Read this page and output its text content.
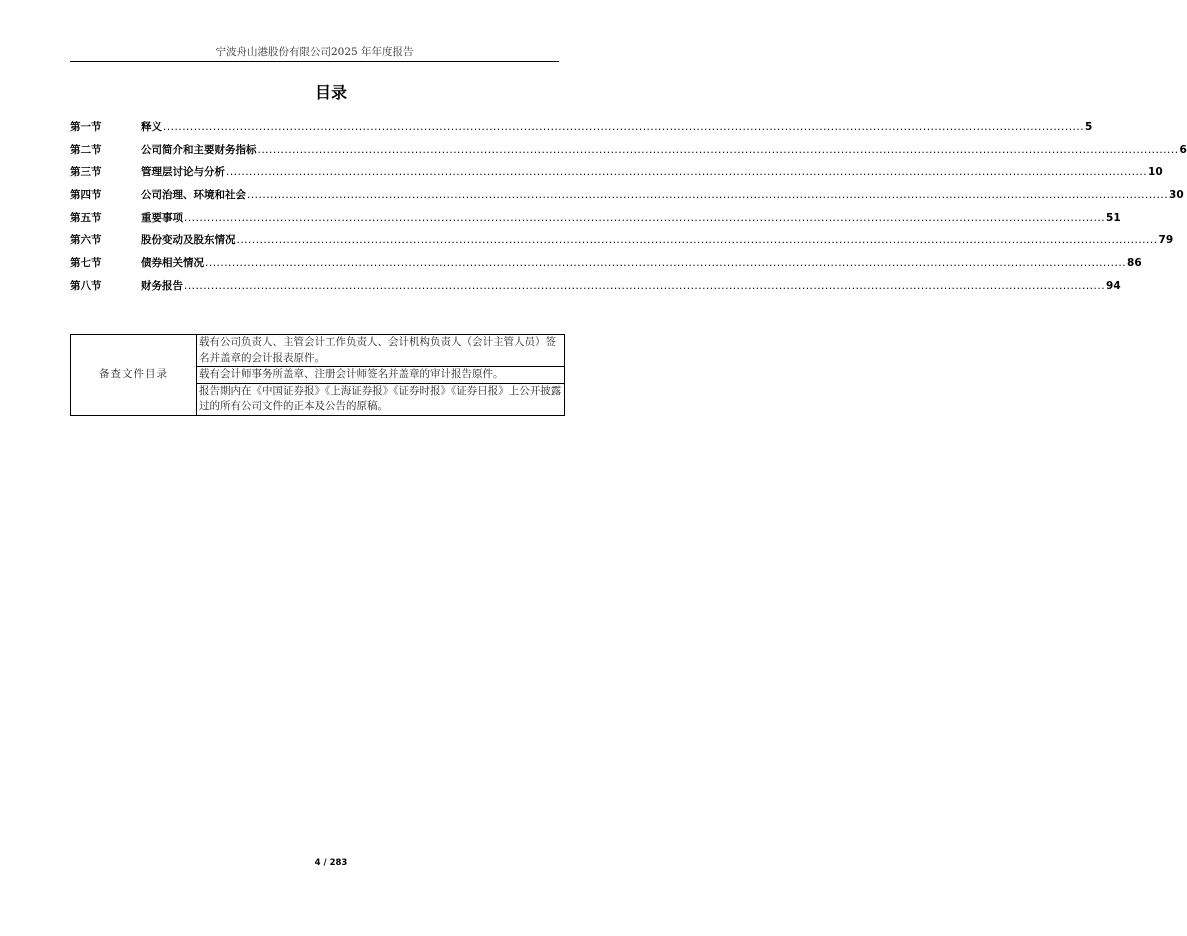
宁波舟山港股份有限公司2025 年年度报告
目录
第一节	释义 ................................................................................................................................................................................................................................................ 5
第二节	公司简介和主要财务指标 ................................................................................................................................................................................................................................................ 6
第三节	管理层讨论与分析 ................................................................................................................................................................................................................................................ 10
第四节	公司治理、环境和社会 ................................................................................................................................................................................................................................................ 30
第五节	重要事项 ................................................................................................................................................................................................................................................ 51
第六节	股份变动及股东情况 ................................................................................................................................................................................................................................................ 79
第七节	债券相关情况 ................................................................................................................................................................................................................................................ 86
第八节	财务报告 ................................................................................................................................................................................................................................................ 94
备查文件目录	载有公司负责人、主管会计工作负责人、会计机构负责人（会计主管人员）签名并盖章的会计报表原件。
载有会计师事务所盖章、注册会计师签名并盖章的审计报告原件。
报告期内在《中国证券报》《上海证券报》《证券时报》《证券日报》上公开披露过的所有公司文件的正本及公告的原稿。
4 / 283
